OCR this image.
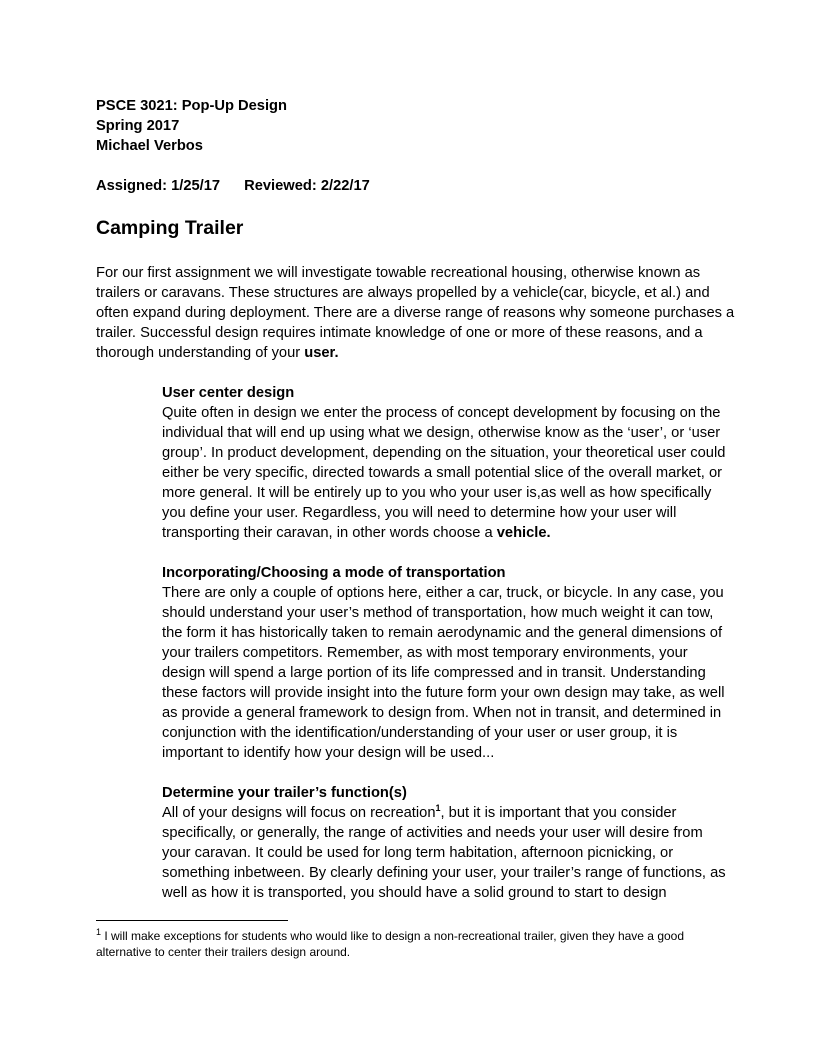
PSCE 3021: Pop-Up Design

Spring 2017

Michael Verbos

Assigned: 1/25/17 Reviewed: 2/22/17

Camping Trailer

For our first assignment we will investigate towable recreational housing, otherwise known as trailers or caravans. These structures are always propelled by a vehicle(car, bicycle, et al.) and often expand during deployment. There are a diverse range of reasons why someone purchases a trailer. Successful design requires intimate knowledge of one or more of these reasons, and a thorough understanding of your user.

User center design
Quite often in design we enter the process of concept development by focusing on the individual that will end up using what we design, otherwise know as the ‘user’, or ‘user group’. In product development, depending on the situation, your theoretical user could either be very specific, directed towards a small potential slice of the overall market, or more general. It will be entirely up to you who your user is,as well as how specifically you define your user. Regardless, you will need to determine how your user will transporting their caravan, in other words choose a vehicle.
Incorporating/Choosing a mode of transportation
There are only a couple of options here, either a car, truck, or bicycle. In any case, you should understand your user’s method of transportation, how much weight it can tow, the form it has historically taken to remain aerodynamic and the general dimensions of your trailers competitors. Remember, as with most temporary environments, your design will spend a large portion of its life compressed and in transit. Understanding these factors will provide insight into the future form your own design may take, as well as provide a general framework to design from. When not in transit, and determined in conjunction with the identification/understanding of your user or user group, it is important to identify how your design will be used...
Determine your trailer’s function(s)
All of your designs will focus on recreation$^1$, but it is important that you consider specifically, or generally, the range of activities and needs your user will desire from your caravan. It could be used for long term habitation, afternoon picnicking, or something inbetween. By clearly defining your user, your trailer’s range of functions, as well as how it is transported, you should have a solid ground to start to design

$^1$ I will make exceptions for students who would like to design a non-recreational trailer, given they have a good alternative to center their trailers design around.
